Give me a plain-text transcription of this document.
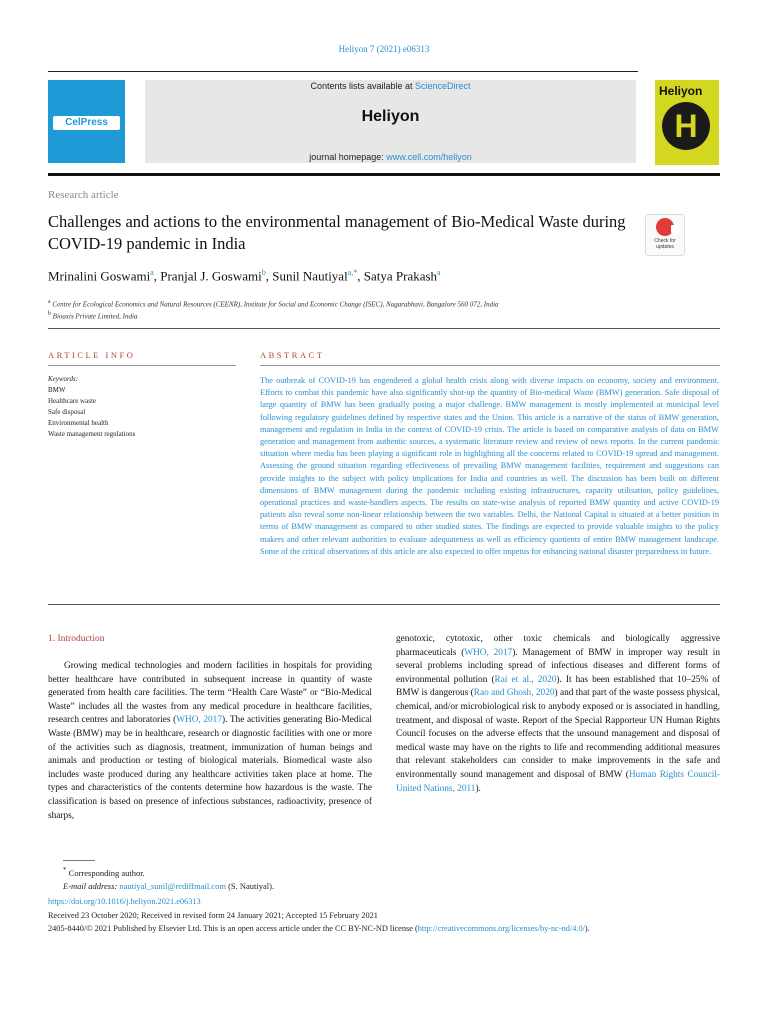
Heliyon 7 (2021) e06313
CelPress
Contents lists available at ScienceDirect
Heliyon
journal homepage: www.cell.com/heliyon
Heliyon
H
Research article
Challenges and actions to the environmental management of Bio-Medical Waste during COVID-19 pandemic in India	Check for updates
Mrinalini Goswami$^a$, Pranjal J. Goswami$^b$, Sunil Nautiyal$^{a,*}$, Satya Prakash$^a$
$^a$ Centre for Ecological Economics and Natural Resources (CEENR), Institute for Social and Economic Change (ISEC), Nagarabhavi, Bangalore 560 072, India
$^b$ Bioaxis Private Limited, India
ARTICLE INFO	ABSTRACT
Keywords:
BMW
Healthcare waste
Safe disposal
Environmental health
Waste management regulations
The outbreak of COVID-19 has engendered a global health crisis along with diverse impacts on economy, society and environment. Efforts to combat this pandemic have also significantly shot-up the quantity of Bio-medical Waste (BMW) generation. Safe disposal of large quantity of BMW has been gradually posing a major challenge. BMW management is mostly implemented at municipal level following regulatory guidelines defined by respective states and the Union. This article is a narrative of the status of BMW generation, management and regulation in India in the context of COVID-19 crisis. The article is based on comparative analysis of data on BMW generation and management from authentic sources, a systematic literature review and review of news reports. In the current pandemic situation where media has been playing a significant role in highlighting all the concerns related to COVID-19 spread and management. Assessing the ground situation regarding effectiveness of prevailing BMW management facilities, requirement and suggestions can provide insights to the subject with policy implications for India and countries as well. The discussion has been built on different dimensions of BMW management during the pandemic including existing infrastructures, capacity utilisation, policy guidelines, operational practices and waste-handlers aspects. The results on state-wise analysis of reported BMW quantity and active COVID-19 patients also reveal some non-linear relationship between the two variables. Delhi, the National Capital is situated at a better position in terms of BMW management as compared to other studied states. The findings are expected to provide valuable insights to the policy makers and other relevant authorities to evaluate adequateness as well as efficiency quotients of entire BMW management landscape. Some of the critical observations of this article are also expected to offer impetus for enhancing national disaster preparedness in future.
1. Introduction
Growing medical technologies and modern facilities in hospitals for providing better healthcare have contributed in subsequent increase in quantity of waste generated from health care facilities. The term “Health Care Waste” or “Bio-Medical Waste” includes all the wastes from any medical procedure in healthcare facilities, research centres and laboratories (WHO, 2017). The activities generating Bio-Medical Waste (BMW) may be in healthcare, research or diagnostic facilities with one or more of the activities such as diagnosis, treatment, immunization of human beings and animals and production or testing of biological materials. Biomedical waste also includes waste produced during any healthcare activities taken place at home. The types and characteristics of the contents determine how hazardous is the waste. The classification is based on presence of infectious substances, radioactivity, presence of sharps,
genotoxic, cytotoxic, other toxic chemicals and biologically aggressive pharmaceuticals (WHO, 2017). Management of BMW in improper way result in several problems including spread of infectious diseases and different forms of environmental pollution (Rai et al., 2020). It has been established that 10–25% of BMW is dangerous (Rao and Ghosh, 2020) and that part of the waste possess physical, chemical, and/or microbiological risk to anybody exposed or is associated in handling, treatment, and disposal of waste. Report of the Special Rapporteur UN Human Rights Council focuses on the adverse effects that the unsound management and disposal of medical waste may have on the rights to life and recommending additional measures that relevant stakeholders can consider to make improvements in the safe and environmentally sound management and disposal of BMW (Human Rights Council-United Nations, 2011).
* Corresponding author.
E-mail address: nautiyal_sunil@rediffmail.com (S. Nautiyal).
https://doi.org/10.1016/j.heliyon.2021.e06313
Received 23 October 2020; Received in revised form 24 January 2021; Accepted 15 February 2021
2405-8440/© 2021 Published by Elsevier Ltd. This is an open access article under the CC BY-NC-ND license (http://creativecommons.org/licenses/by-nc-nd/4.0/).
